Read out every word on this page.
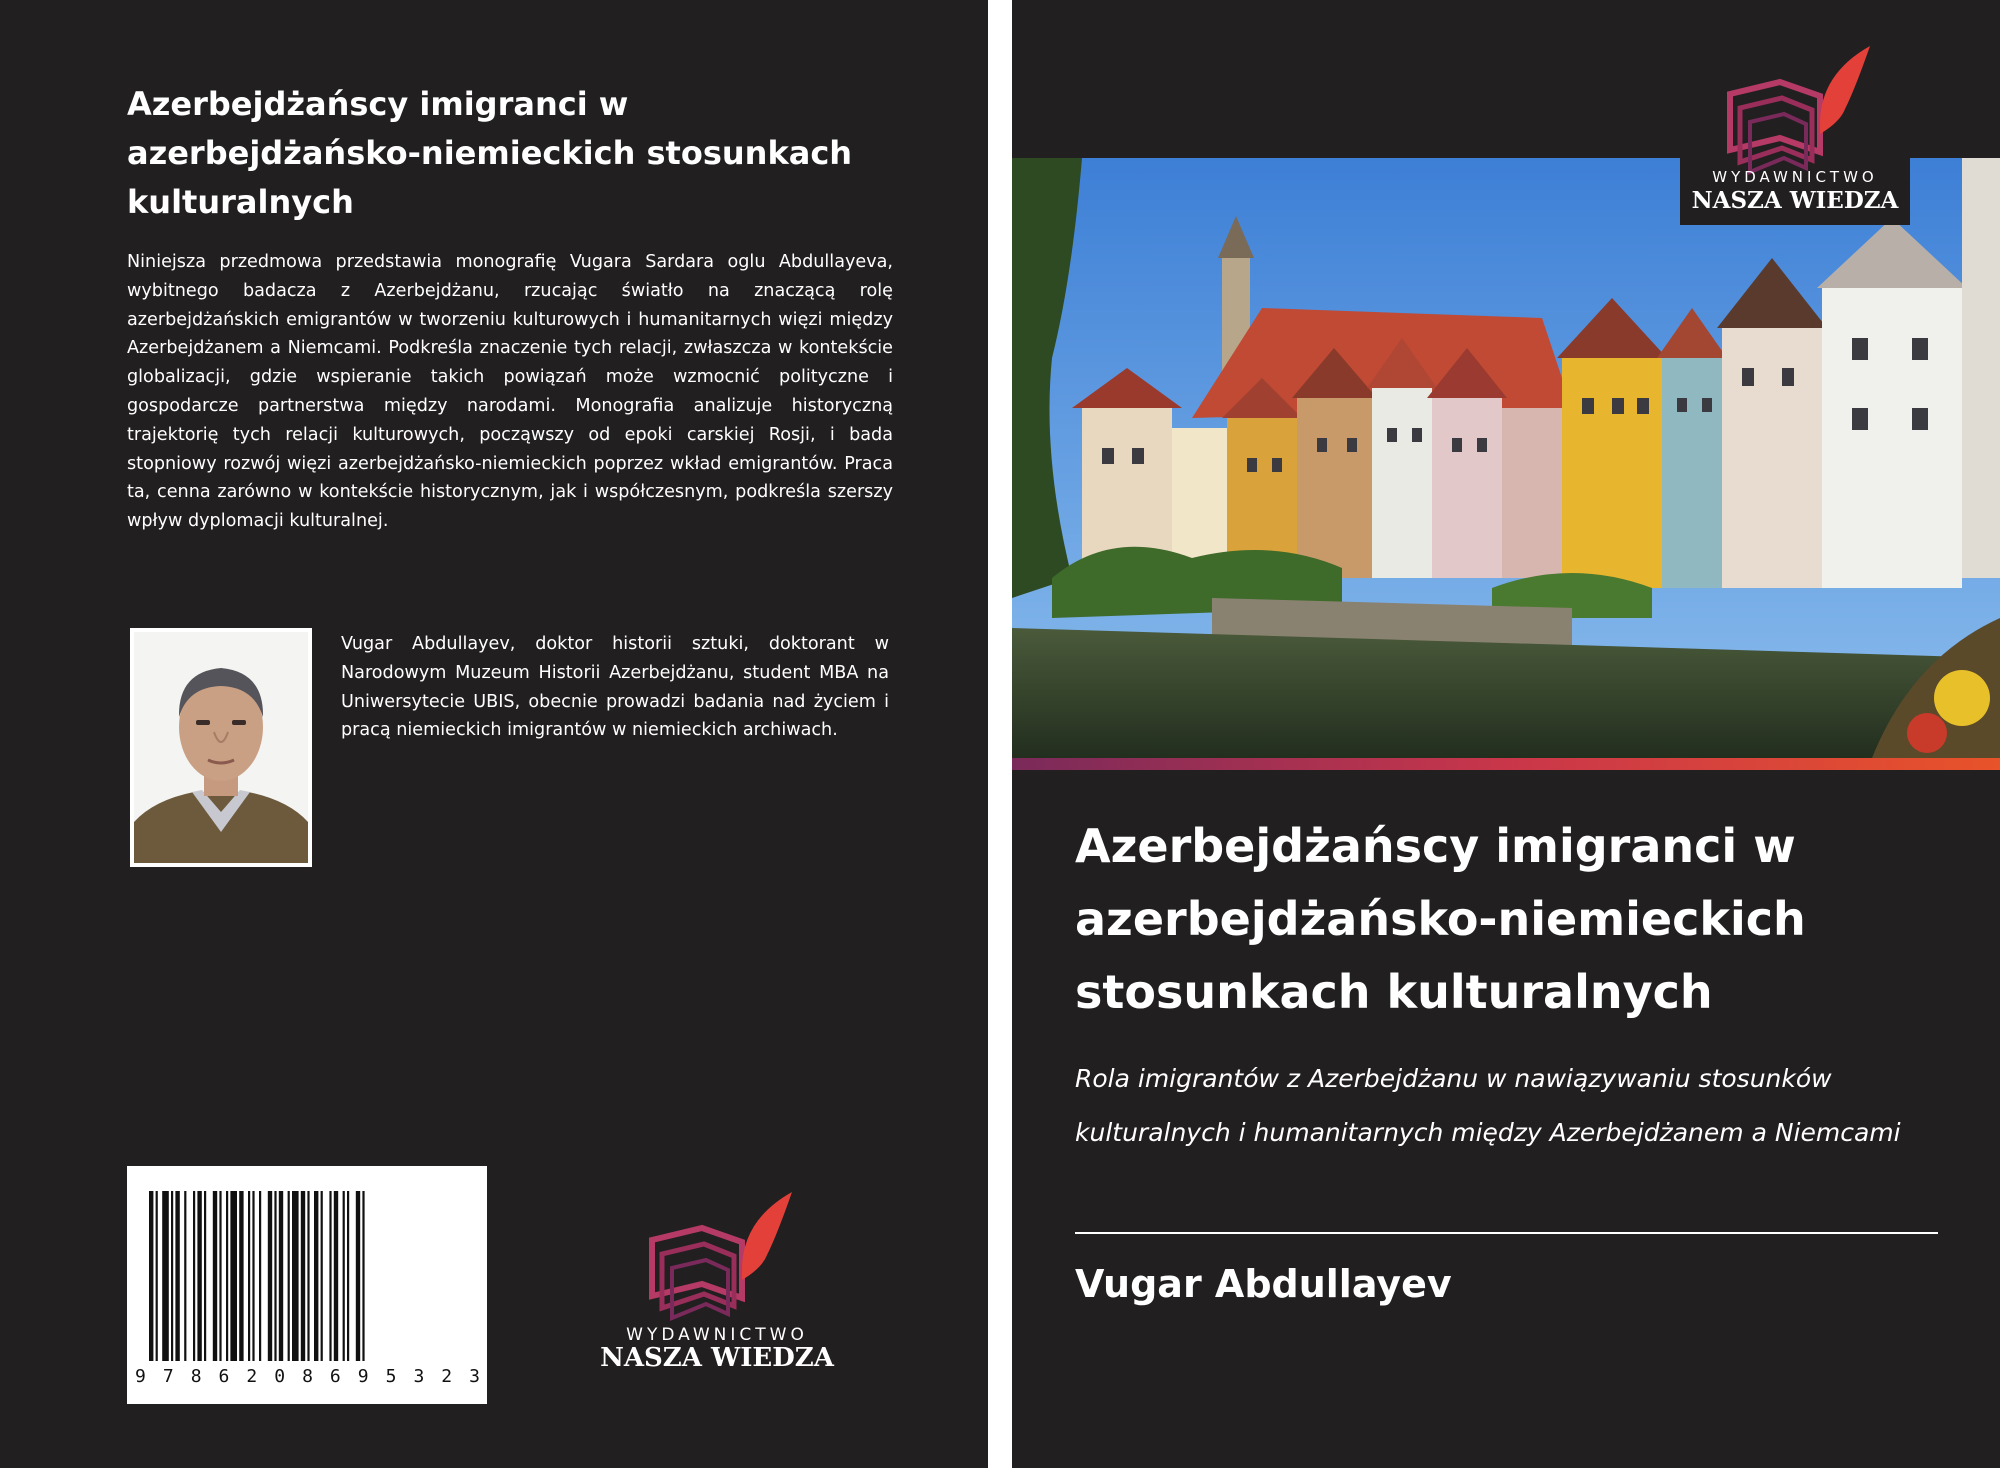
Azerbejdżańscy imigranci w azerbejdżańsko-niemieckich stosunkach kulturalnych

Niniejsza przedmowa przedstawia monografię Vugara Sardara oglu Abdullayeva, wybitnego badacza z Azerbejdżanu, rzucając światło na znaczącą rolę azerbejdżańskich emigrantów w tworzeniu kulturowych i humanitarnych więzi między Azerbejdżanem a Niemcami. Podkreśla znaczenie tych relacji, zwłaszcza w kontekście globalizacji, gdzie wspieranie takich powiązań może wzmocnić polityczne i gospodarcze partnerstwa między narodami. Monografia analizuje historyczną trajektorię tych relacji kulturowych, począwszy od epoki carskiej Rosji, i bada stopniowy rozwój więzi azerbejdżańsko-niemieckich poprzez wkład emigrantów. Praca ta, cenna zarówno w kontekście historycznym, jak i współczesnym, podkreśla szerszy wpływ dyplomacji kulturalnej.

Vugar Abdullayev, doktor historii sztuki, doktorant w Narodowym Muzeum Historii Azerbejdżanu, student MBA na Uniwersytecie UBIS, obecnie prowadzi badania nad życiem i pracą niemieckich imigrantów w niemieckich archiwach.

9 7 8 6 2 0 8 6 9 5 3 2 3
WYDAWNICTWO
NASZA WIEDZA
WYDAWNICTWO
NASZA WIEDZA
Azerbejdżańscy imigranci w azerbejdżańsko-niemieckich stosunkach kulturalnych

Rola imigrantów z Azerbejdżanu w nawiązywaniu stosunków
kulturalnych i humanitarnych między Azerbejdżanem a Niemcami

Vugar Abdullayev
